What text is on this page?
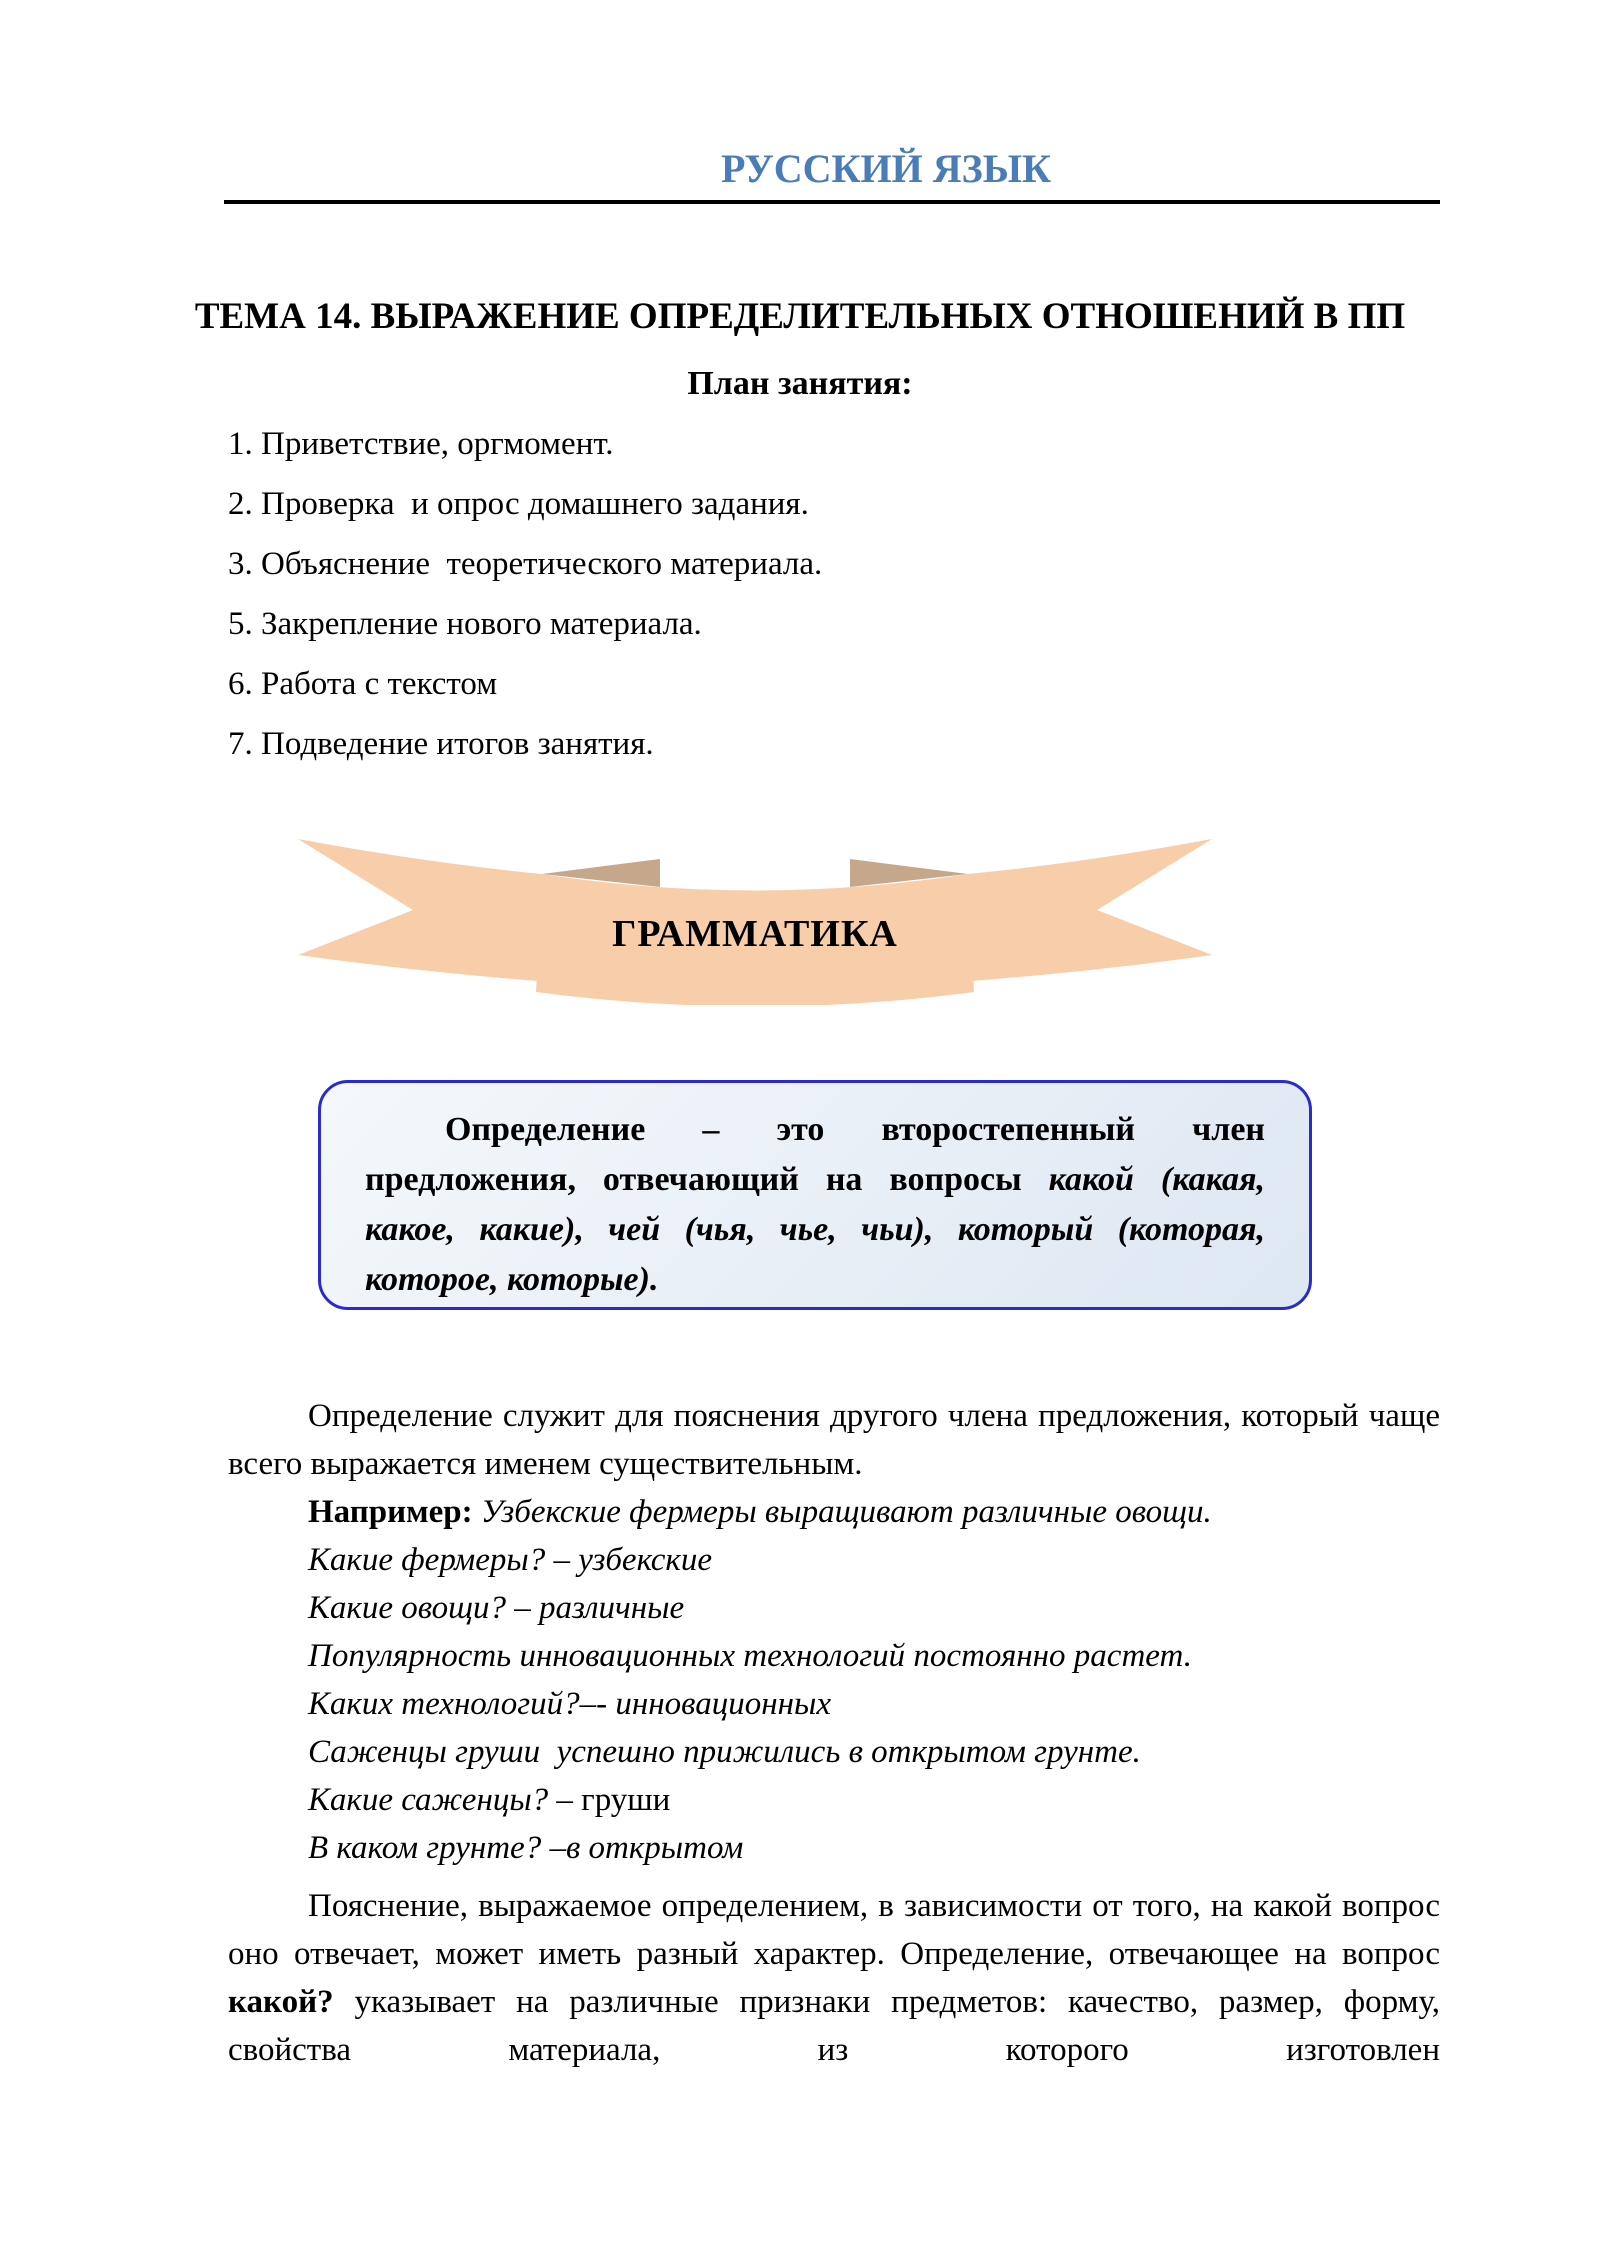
РУССКИЙ ЯЗЫК
ТЕМА 14. ВЫРАЖЕНИЕ ОПРЕДЕЛИТЕЛЬНЫХ ОТНОШЕНИЙ В ПП
План занятия:
1. Приветствие, оргмомент.
2. Проверка  и опрос домашнего задания.
3. Объяснение  теоретического материала.
5. Закрепление нового материала.
6. Работа с текстом
7. Подведение итогов занятия.
ГРАММАТИКА

Определение – это второстепенный член предложения, отвечающий на вопросы какой (какая, какое, какие), чей (чья, чье, чьи), который (которая, которое, которые).

Определение служит для пояснения другого члена предложения, который чаще всего выражается именем существительным.

Например: Узбекские фермеры выращивают различные овощи.

Какие фермеры? – узбекские

Какие овощи? – различные

Популярность инновационных технологий постоянно растет.

Каких технологий?–- инновационных

Саженцы груши  успешно прижились в открытом грунте.

Какие саженцы? – груши

В каком грунте? –в открытом

Пояснение, выражаемое определением, в зависимости от того, на какой вопрос оно отвечает, может иметь разный характер. Определение, отвечающее на вопрос какой? указывает на различные признаки предметов: качество, размер, форму, свойства материала, из которого изготовлен
